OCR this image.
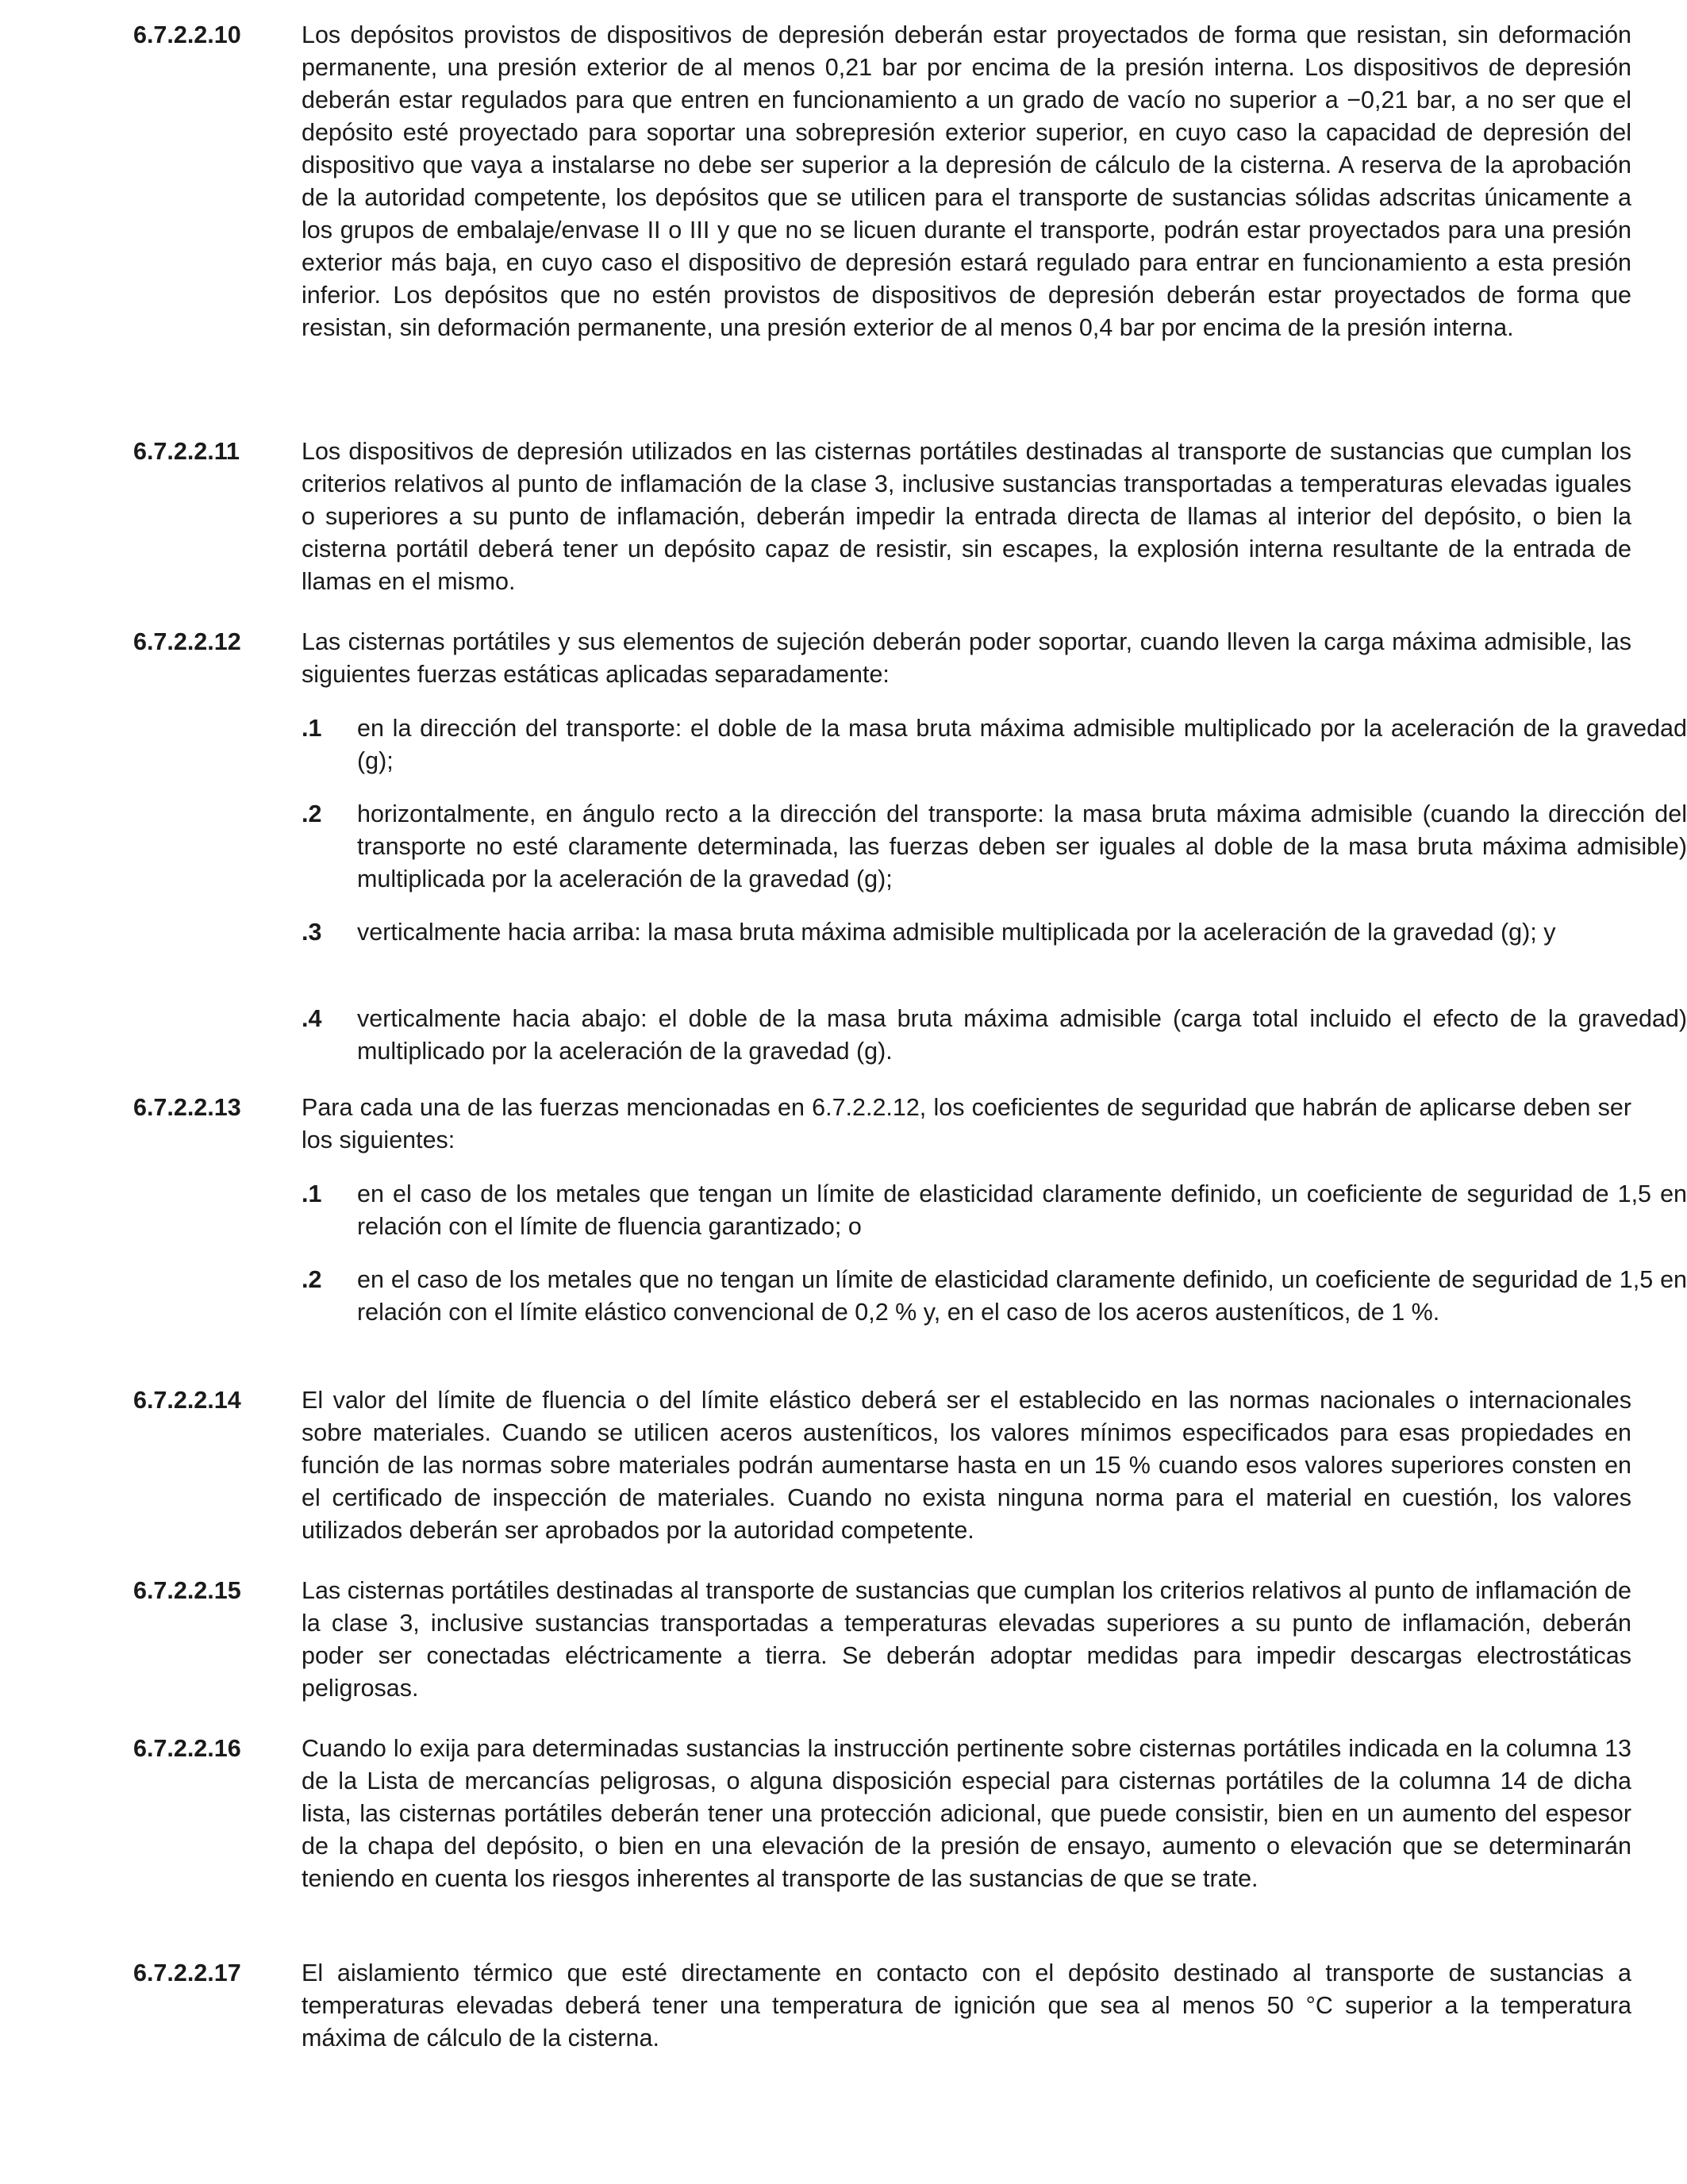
6.7.2.2.10	Los depósitos provistos de dispositivos de depresión deberán estar proyectados de forma que resistan, sin deformación permanente, una presión exterior de al menos 0,21 bar por encima de la presión interna. Los dispositivos de depresión deberán estar regulados para que entren en funcionamiento a un grado de vacío no superior a −0,21 bar, a no ser que el depósito esté proyectado para soportar una sobrepresión exterior superior, en cuyo caso la capacidad de depresión del dispositivo que vaya a instalarse no debe ser superior a la depresión de cálculo de la cisterna. A reserva de la aprobación de la autoridad competente, los depósitos que se utilicen para el transporte de sustancias sólidas adscritas únicamente a los grupos de embalaje/envase II o III y que no se licuen durante el transporte, podrán estar proyectados para una presión exterior más baja, en cuyo caso el dispositivo de depresión estará regulado para entrar en funcionamiento a esta presión inferior. Los depósitos que no estén provistos de dispositivos de depresión deberán estar proyectados de forma que resistan, sin deformación permanente, una presión exterior de al menos 0,4 bar por encima de la presión interna.

6.7.2.2.11	Los dispositivos de depresión utilizados en las cisternas portátiles destinadas al transporte de sustancias que cumplan los criterios relativos al punto de inflamación de la clase 3, inclusive sustancias transportadas a temperaturas elevadas iguales o superiores a su punto de inflamación, deberán impedir la entrada directa de llamas al interior del depósito, o bien la cisterna portátil deberá tener un depósito capaz de resistir, sin escapes, la explosión interna resultante de la entrada de llamas en el mismo.

6.7.2.2.12	Las cisternas portátiles y sus elementos de sujeción deberán poder soportar, cuando lleven la carga máxima admisible, las siguientes fuerzas estáticas aplicadas separadamente:

.1 en la dirección del transporte: el doble de la masa bruta máxima admisible multiplicado por la aceleración de la gravedad (g);

.2 horizontalmente, en ángulo recto a la dirección del transporte: la masa bruta máxima admisible (cuando la dirección del transporte no esté claramente determinada, las fuerzas deben ser iguales al doble de la masa bruta máxima admisible) multiplicada por la aceleración de la gravedad (g);

.3 verticalmente hacia arriba: la masa bruta máxima admisible multiplicada por la aceleración de la gravedad (g); y

.4 verticalmente hacia abajo: el doble de la masa bruta máxima admisible (carga total incluido el efecto de la gravedad) multiplicado por la aceleración de la gravedad (g).

6.7.2.2.13	Para cada una de las fuerzas mencionadas en 6.7.2.2.12, los coeficientes de seguridad que habrán de aplicarse deben ser los siguientes:

.1 en el caso de los metales que tengan un límite de elasticidad claramente definido, un coeficiente de seguridad de 1,5 en relación con el límite de fluencia garantizado; o

.2 en el caso de los metales que no tengan un límite de elasticidad claramente definido, un coeficiente de seguridad de 1,5 en relación con el límite elástico convencional de 0,2 % y, en el caso de los aceros austeníticos, de 1 %.

6.7.2.2.14	El valor del límite de fluencia o del límite elástico deberá ser el establecido en las normas nacionales o internacionales sobre materiales. Cuando se utilicen aceros austeníticos, los valores mínimos especificados para esas propiedades en función de las normas sobre materiales podrán aumentarse hasta en un 15 % cuando esos valores superiores consten en el certificado de inspección de materiales. Cuando no exista ninguna norma para el material en cuestión, los valores utilizados deberán ser aprobados por la autoridad competente.

6.7.2.2.15	Las cisternas portátiles destinadas al transporte de sustancias que cumplan los criterios relativos al punto de inflamación de la clase 3, inclusive sustancias transportadas a temperaturas elevadas superiores a su punto de inflamación, deberán poder ser conectadas eléctricamente a tierra. Se deberán adoptar medidas para impedir descargas electrostáticas peligrosas.

6.7.2.2.16	Cuando lo exija para determinadas sustancias la instrucción pertinente sobre cisternas portátiles indicada en la columna 13 de la Lista de mercancías peligrosas, o alguna disposición especial para cisternas portátiles de la columna 14 de dicha lista, las cisternas portátiles deberán tener una protección adicional, que puede consistir, bien en un aumento del espesor de la chapa del depósito, o bien en una elevación de la presión de ensayo, aumento o elevación que se determinarán teniendo en cuenta los riesgos inherentes al transporte de las sustancias de que se trate.

6.7.2.2.17	El aislamiento térmico que esté directamente en contacto con el depósito destinado al transporte de sustancias a temperaturas elevadas deberá tener una temperatura de ignición que sea al menos 50 °C superior a la temperatura máxima de cálculo de la cisterna.
